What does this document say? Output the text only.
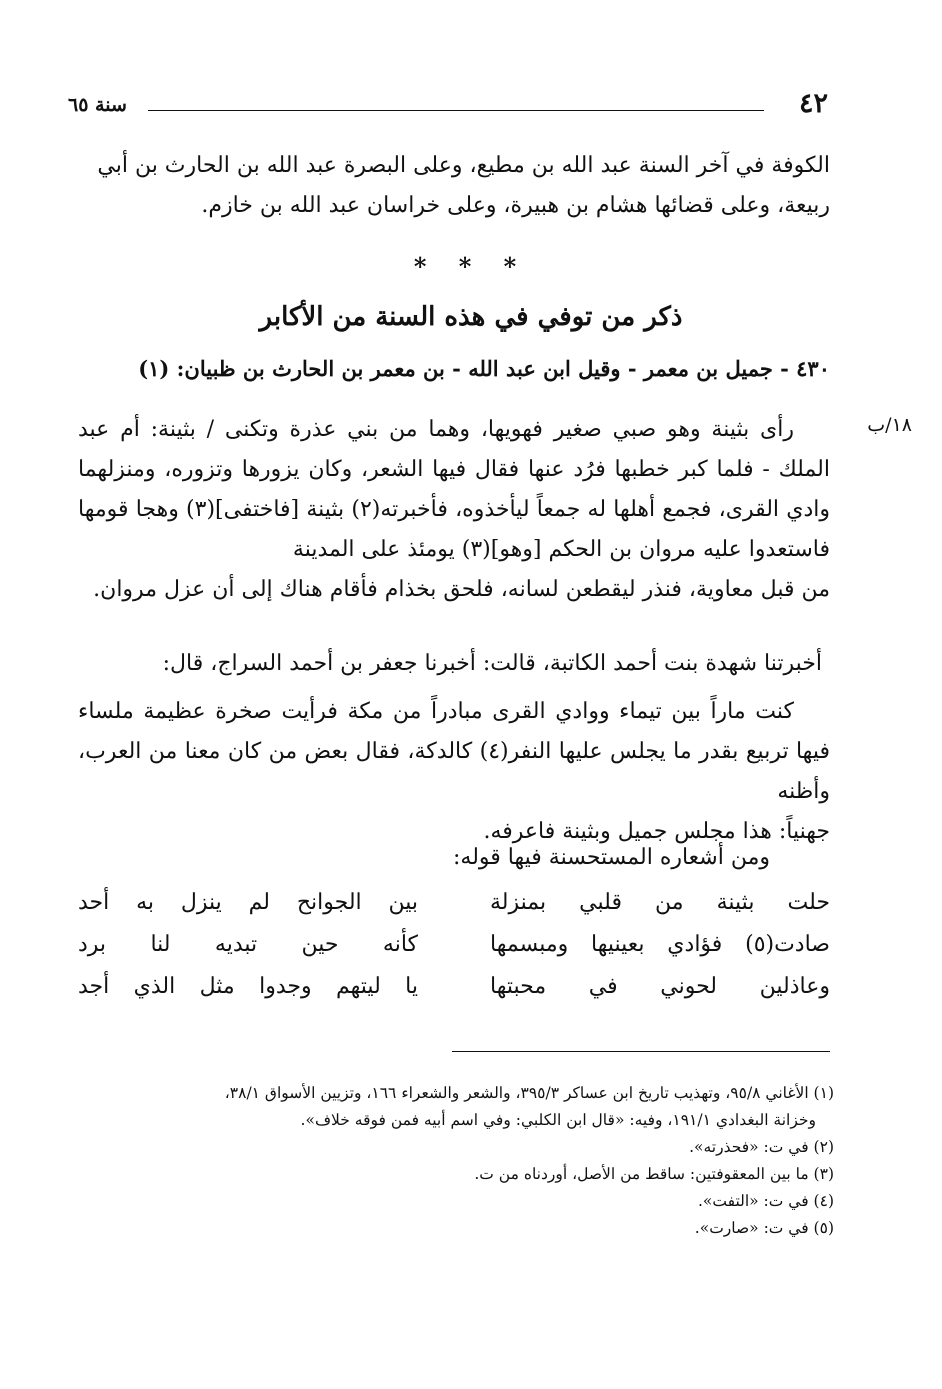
٤٢
سنة ٦٥

الكوفة في آخر السنة عبد الله بن مطيع، وعلى البصرة عبد الله بن الحارث بن أبي

ربيعة، وعلى قضائها هشام بن هبيرة، وعلى خراسان عبد الله بن خازم.

* * *
ذكر من توفي في هذه السنة من الأكابر
٤٣٠ - جميل بن معمر - وقيل ابن عبد الله - بن معمر بن الحارث بن ظبيان: (١)
١٨/ب

رأى بثينة وهو صبي صغير فهويها، وهما من بني عذرة وتكنى / بثينة: أم عبد الملك - فلما كبر خطبها فرُد عنها فقال فيها الشعر، وكان يزورها وتزوره، ومنزلهما وادي القرى، فجمع أهلها له جمعاً ليأخذوه، فأخبرته(٢) بثينة [فاختفى](٣) وهجا قومها فاستعدوا عليه مروان بن الحكم [وهو](٣) يومئذ على المدينة

من قبل معاوية، فنذر ليقطعن لسانه، فلحق بخذام فأقام هناك إلى أن عزل مروان.

أخبرتنا شهدة بنت أحمد الكاتبة، قالت: أخبرنا جعفر بن أحمد السراج، قال:

كنت ماراً بين تيماء ووادي القرى مبادراً من مكة فرأيت صخرة عظيمة ملساء فيها تربيع بقدر ما يجلس عليها النفر(٤) كالدكة، فقال بعض من كان معنا من العرب، وأظنه

جهنياً: هذا مجلس جميل وبثينة فاعرفه.

ومن أشعاره المستحسنة فيها قوله:

حلت بثينة من قلبي بمنزلة
بين الجوانح لم ينزل به أحد
صادت(٥) فؤادي بعينيها ومبسمها
كأنه حين تبديه لنا برد
وعاذلين لحوني في محبتها
يا ليتهم وجدوا مثل الذي أجد

(١) الأغاني ٩٥/٨، وتهذيب تاريخ ابن عساكر ٣٩٥/٣، والشعر والشعراء ١٦٦، وتزيين الأسواق ٣٨/١،

وخزانة البغدادي ١٩١/١، وفيه: «قال ابن الكلبي: وفي اسم أبيه فمن فوقه خلاف».

(٢) في ت: «فحذرته».

(٣) ما بين المعقوفتين: ساقط من الأصل، أوردناه من ت.

(٤) في ت: «التفت».

(٥) في ت: «صارت».
